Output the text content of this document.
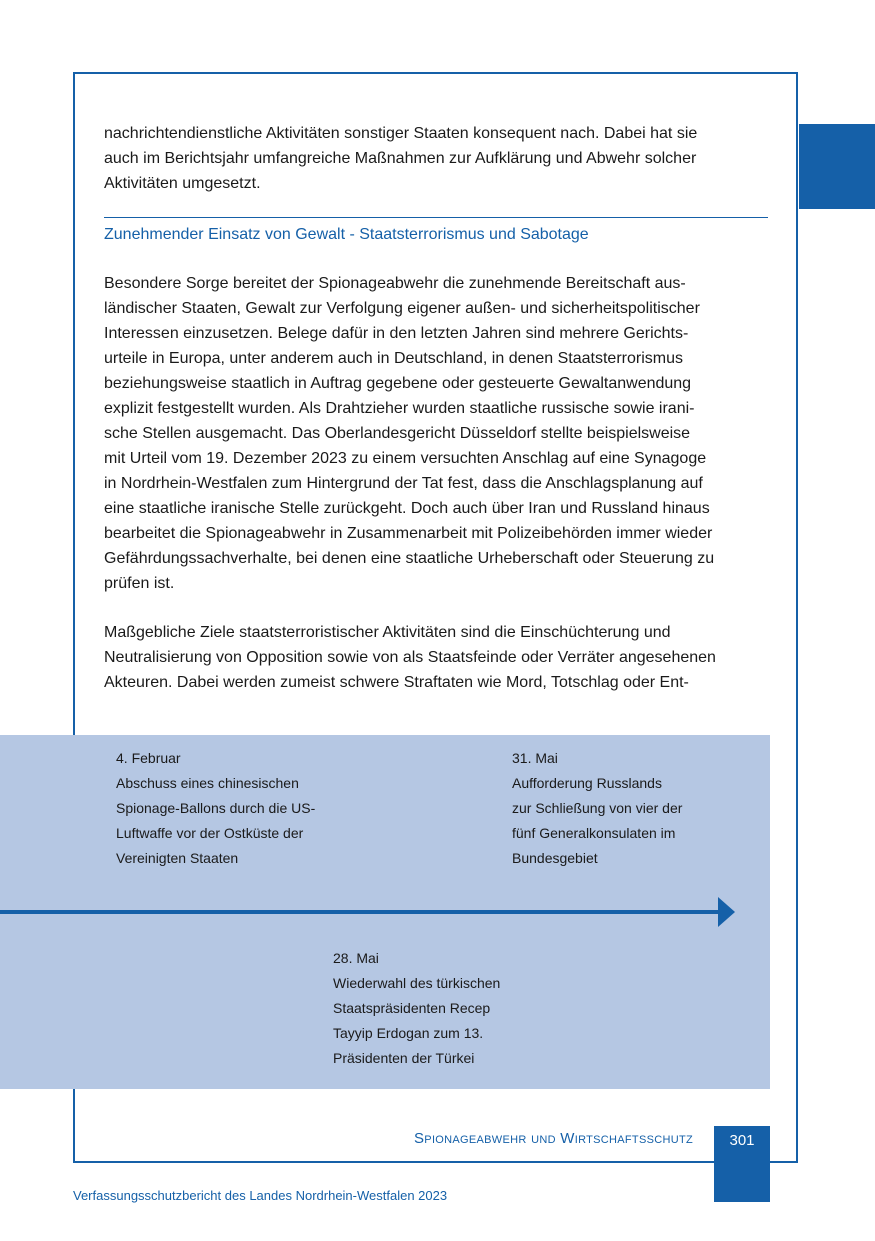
nachrichtendienstliche Aktivitäten sonstiger Staaten konsequent nach. Dabei hat sie
auch im Berichtsjahr umfangreiche Maßnahmen zur Aufklärung und Abwehr solcher
Aktivitäten umgesetzt.
Zunehmender Einsatz von Gewalt - Staatsterrorismus und Sabotage
Besondere Sorge bereitet der Spionageabwehr die zunehmende Bereitschaft aus-
ländischer Staaten, Gewalt zur Verfolgung eigener außen- und sicherheitspolitischer
Interessen einzusetzen. Belege dafür in den letzten Jahren sind mehrere Gerichts-
urteile in Europa, unter anderem auch in Deutschland, in denen Staatsterrorismus
beziehungsweise staatlich in Auftrag gegebene oder gesteuerte Gewaltanwendung
explizit festgestellt wurden. Als Drahtzieher wurden staatliche russische sowie irani-
sche Stellen ausgemacht. Das Oberlandesgericht Düsseldorf stellte beispielsweise
mit Urteil vom 19. Dezember 2023 zu einem versuchten Anschlag auf eine Synagoge
in Nordrhein-Westfalen zum Hintergrund der Tat fest, dass die Anschlagsplanung auf
eine staatliche iranische Stelle zurückgeht. Doch auch über Iran und Russland hinaus
bearbeitet die Spionageabwehr in Zusammenarbeit mit Polizeibehörden immer wieder
Gefährdungssachverhalte, bei denen eine staatliche Urheberschaft oder Steuerung zu
prüfen ist.
Maßgebliche Ziele staatsterroristischer Aktivitäten sind die Einschüchterung und
Neutralisierung von Opposition sowie von als Staatsfeinde oder Verräter angesehenen
Akteuren. Dabei werden zumeist schwere Straftaten wie Mord, Totschlag oder Ent-
4. Februar
Abschuss eines chinesischen
Spionage-Ballons durch die US-
Luftwaffe vor der Ostküste der
Vereinigten Staaten
31. Mai
Aufforderung Russlands
zur Schließung von vier der
fünf Generalkonsulaten im
Bundesgebiet
28. Mai
Wiederwahl des türkischen
Staatspräsidenten Recep
Tayyip Erdogan zum 13.
Präsidenten der Türkei
Spionageabwehr und Wirtschaftsschutz	301
Verfassungsschutzbericht des Landes Nordrhein-Westfalen 2023
